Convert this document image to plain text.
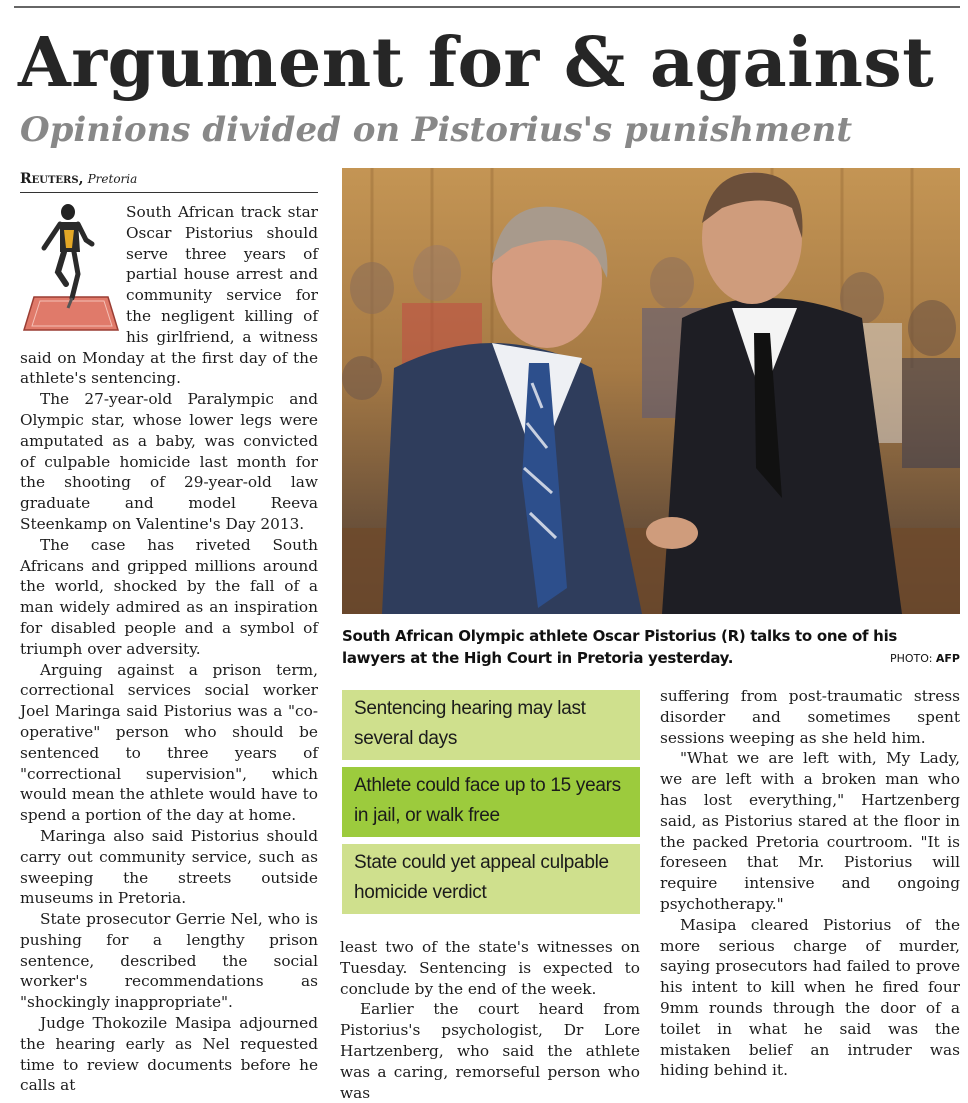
Argument for & against
Opinions divided on Pistorius's punishment
Reuters, Pretoria

South African track star Oscar Pistorius should serve three years of partial house arrest and community service for the negligent killing of his girlfriend, a witness said on Monday at the first day of the athlete's sentencing.

The 27-year-old Paralympic and Olympic star, whose lower legs were amputated as a baby, was convicted of culpable homicide last month for the shooting of 29-year-old law graduate and model Reeva Steenkamp on Valentine's Day 2013.

The case has riveted South Africans and gripped millions around the world, shocked by the fall of a man widely admired as an inspiration for disabled people and a symbol of triumph over adversity.

Arguing against a prison term, correctional services social worker Joel Maringa said Pistorius was a "co-operative" person who should be sentenced to three years of "correctional supervision", which would mean the athlete would have to spend a portion of the day at home.

Maringa also said Pistorius should carry out community service, such as sweeping the streets outside museums in Pretoria.

State prosecutor Gerrie Nel, who is pushing for a lengthy prison sentence, described the social worker's recommendations as "shockingly inappropriate".

Judge Thokozile Masipa adjourned the hearing early as Nel requested time to review documents before he calls at

South African Olympic athlete Oscar Pistorius (R) talks to one of his lawyers at the High Court in Pretoria yesterday.	PHOTO: AFP
Sentencing hearing may last several days
Athlete could face up to 15 years in jail, or walk free
State could yet appeal culpable homicide verdict

least two of the state's witnesses on Tuesday. Sentencing is expected to conclude by the end of the week.

Earlier the court heard from Pistorius's psychologist, Dr Lore Hartzenberg, who said the athlete was a caring, remorseful person who was

suffering from post-traumatic stress disorder and sometimes spent sessions weeping as she held him.

"What we are left with, My Lady, we are left with a broken man who has lost everything," Hartzenberg said, as Pistorius stared at the floor in the packed Pretoria courtroom. "It is foreseen that Mr. Pistorius will require intensive and ongoing psychotherapy."

Masipa cleared Pistorius of the more serious charge of murder, saying prosecutors had failed to prove his intent to kill when he fired four 9mm rounds through the door of a toilet in what he said was the mistaken belief an intruder was hiding behind it.
